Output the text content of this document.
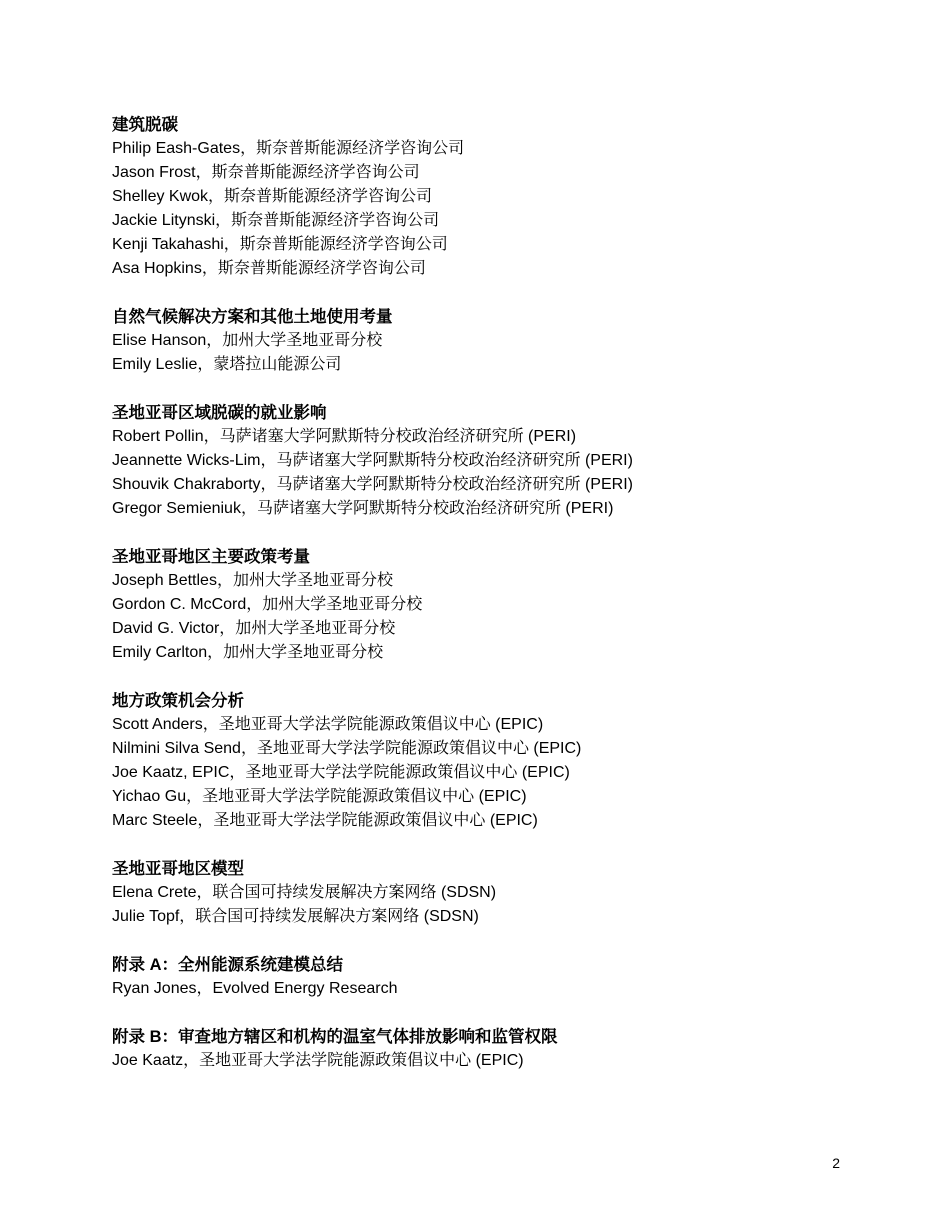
建筑脱碳
Philip Eash-Gates，斯奈普斯能源经济学咨询公司
Jason Frost，斯奈普斯能源经济学咨询公司
Shelley Kwok，斯奈普斯能源经济学咨询公司
Jackie Litynski，斯奈普斯能源经济学咨询公司
Kenji Takahashi，斯奈普斯能源经济学咨询公司
Asa Hopkins，斯奈普斯能源经济学咨询公司
自然气候解决方案和其他土地使用考量
Elise Hanson，加州大学圣地亚哥分校
Emily Leslie，蒙塔拉山能源公司
圣地亚哥区域脱碳的就业影响
Robert Pollin，马萨诸塞大学阿默斯特分校政治经济研究所 (PERI)
Jeannette Wicks-Lim，马萨诸塞大学阿默斯特分校政治经济研究所 (PERI)
Shouvik Chakraborty，马萨诸塞大学阿默斯特分校政治经济研究所 (PERI)
Gregor Semieniuk，马萨诸塞大学阿默斯特分校政治经济研究所 (PERI)
圣地亚哥地区主要政策考量
Joseph Bettles，加州大学圣地亚哥分校
Gordon C. McCord，加州大学圣地亚哥分校
David G. Victor，加州大学圣地亚哥分校
Emily Carlton，加州大学圣地亚哥分校
地方政策机会分析
Scott Anders，圣地亚哥大学法学院能源政策倡议中心 (EPIC)
Nilmini Silva Send，圣地亚哥大学法学院能源政策倡议中心 (EPIC)
Joe Kaatz, EPIC，圣地亚哥大学法学院能源政策倡议中心 (EPIC)
Yichao Gu，圣地亚哥大学法学院能源政策倡议中心 (EPIC)
Marc Steele，圣地亚哥大学法学院能源政策倡议中心 (EPIC)
圣地亚哥地区模型
Elena Crete，联合国可持续发展解决方案网络 (SDSN)
Julie Topf，联合国可持续发展解决方案网络 (SDSN)
附录 A：全州能源系统建模总结
Ryan Jones，Evolved Energy Research
附录 B：审查地方辖区和机构的温室气体排放影响和监管权限
Joe Kaatz，圣地亚哥大学法学院能源政策倡议中心 (EPIC)
2
